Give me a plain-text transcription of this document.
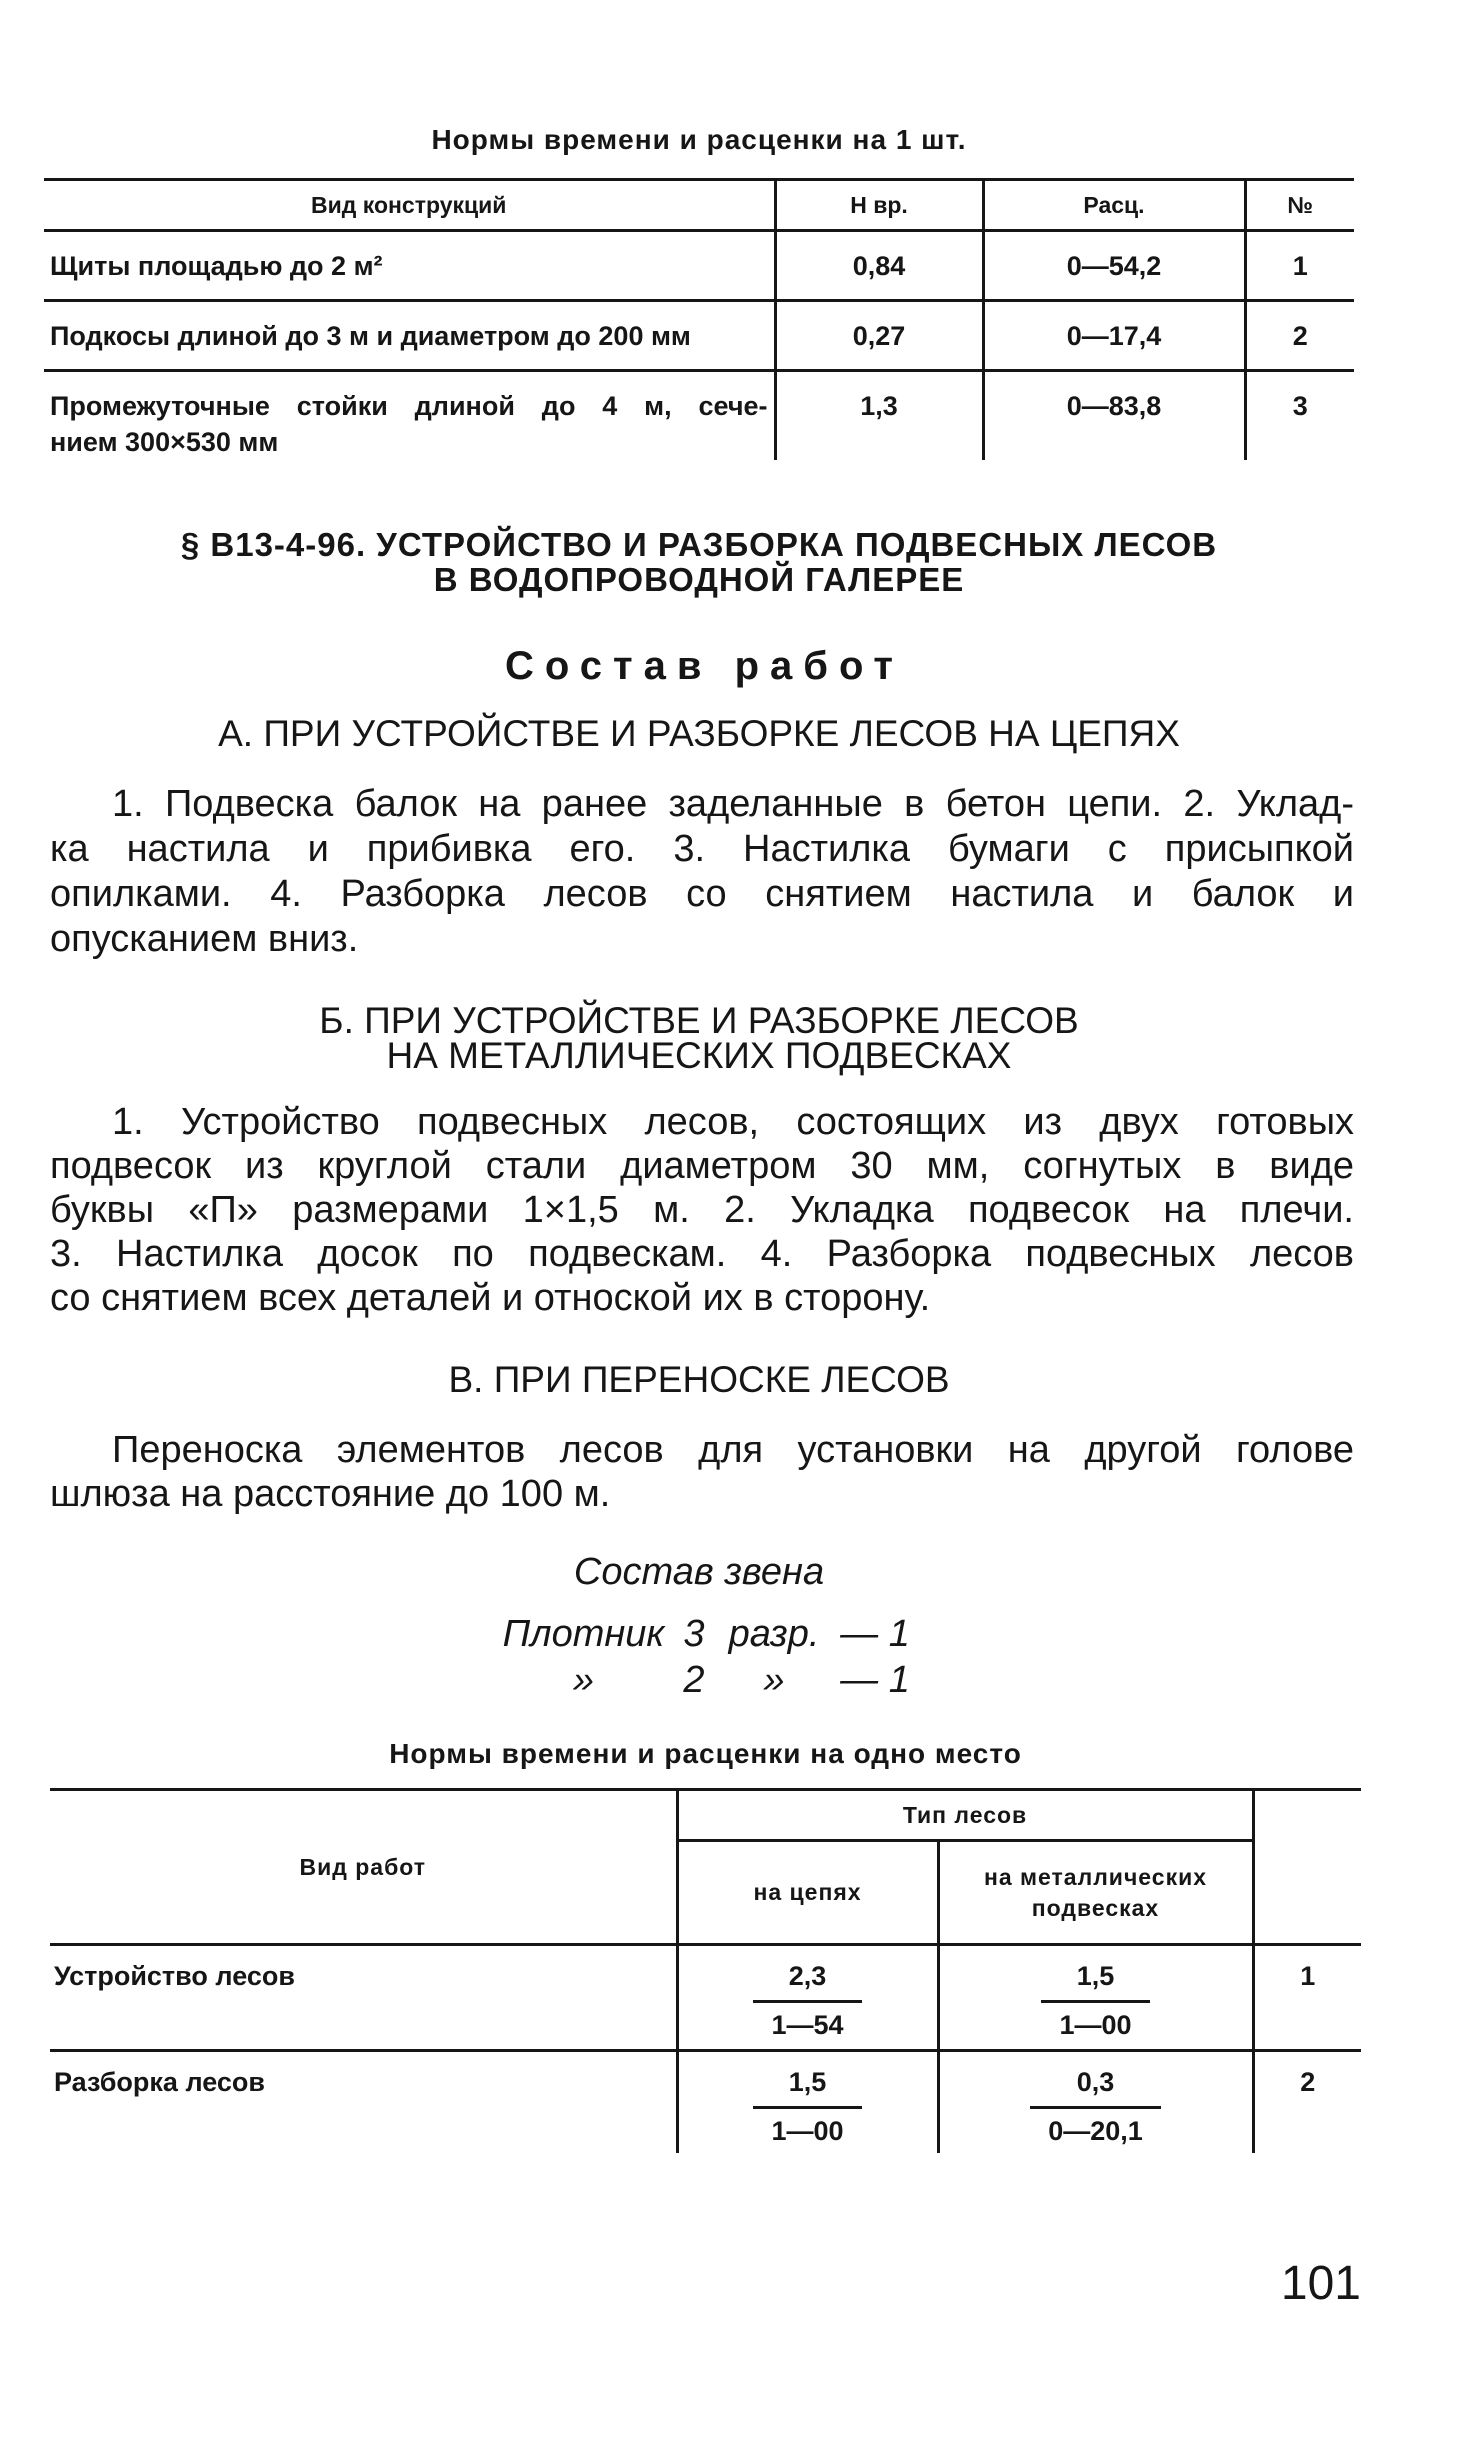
Нормы времени и расценки на 1 шт.
Вид конструкций	Н вр.	Расц.	№
Щиты площадью до 2 м²	0,84	0—54,2	1
Подкосы длиной до 3 м и диаметром до 200 мм	0,27	0—17,4	2

Промежуточные стойки длиной до 4 м, сече-
нием 300×530 мм	1,3	0—83,8	3
§ В13-4-96. УСТРОЙСТВО И РАЗБОРКА ПОДВЕСНЫХ ЛЕСОВ
В ВОДОПРОВОДНОЙ ГАЛЕРЕЕ
Состав работ
А. ПРИ УСТРОЙСТВЕ И РАЗБОРКЕ ЛЕСОВ НА ЦЕПЯХ
1. Подвеска балок на ранее заделанные в бетон цепи. 2. Уклад-
ка настила и прибивка его. 3. Настилка бумаги с присыпкой
опилками. 4. Разборка лесов со снятием настила и балок и
опусканием вниз.
Б. ПРИ УСТРОЙСТВЕ И РАЗБОРКЕ ЛЕСОВ
НА МЕТАЛЛИЧЕСКИХ ПОДВЕСКАХ
1. Устройство подвесных лесов, состоящих из двух готовых
подвесок из круглой стали диаметром 30 мм, согнутых в виде
буквы «П» размерами 1×1,5 м. 2. Укладка подвесок на плечи.
3. Настилка досок по подвескам. 4. Разборка подвесных лесов
со снятием всех деталей и отноской их в сторону.
В. ПРИ ПЕРЕНОСКЕ ЛЕСОВ
Переноска элементов лесов для установки на другой голове
шлюза на расстояние до 100 м.
Состав звена
Плотник	3	разр.	— 1
»	2	»	— 1
Нормы времени и расценки на одно место
Вид работ	Тип лесов		
	на цепях	на металлических
подвесках	

Устройство лесов	$\frac{2,3}{1—54}$	$\frac{1,5}{1—00}$	1
Разборка лесов	$\frac{1,5}{1—00}$	$\frac{0,3}{0—20,1}$	2
101
